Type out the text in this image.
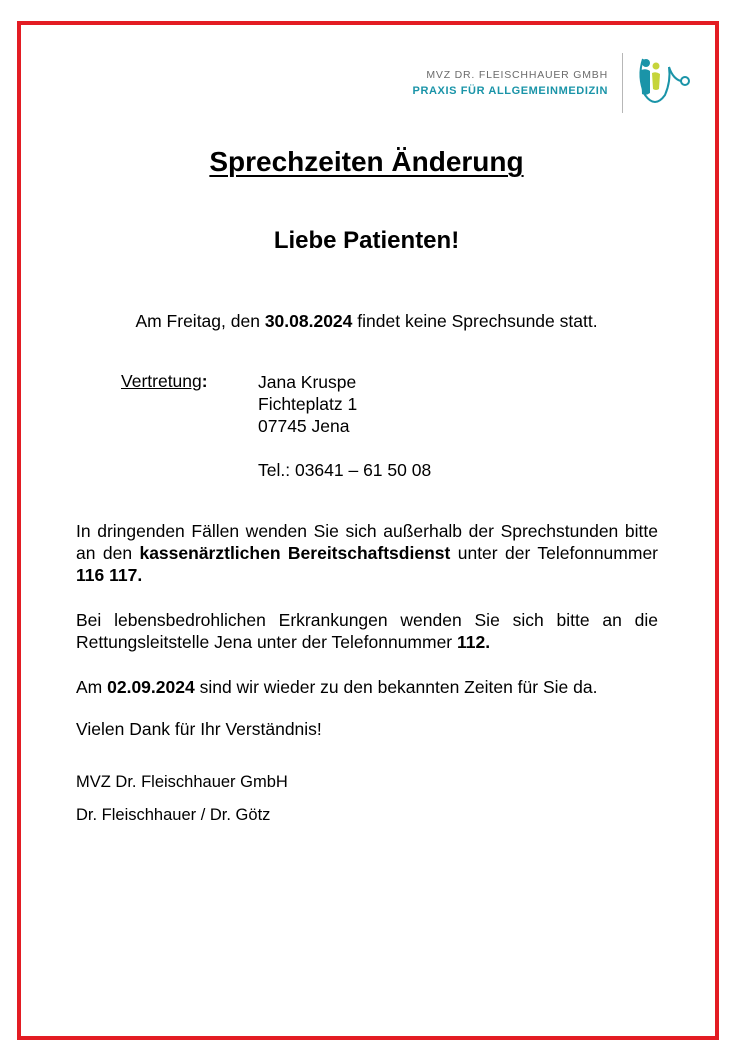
MVZ DR. FLEISCHHAUER GMBH
PRAXIS FÜR ALLGEMEINMEDIZIN
Sprechzeiten Änderung
Liebe Patienten!
Am Freitag, den 30.08.2024 findet keine Sprechsunde statt.
Vertretung:	Jana Kruspe
Fichteplatz 1
07745 Jena
Tel.: 03641 – 61 50 08
In dringenden Fällen wenden Sie sich außerhalb der Sprechstunden bitte an den kassenärztlichen Bereitschaftsdienst unter der Telefonnummer 116 117.
Bei lebensbedrohlichen Erkrankungen wenden Sie sich bitte an die Rettungsleitstelle Jena unter der Telefonnummer 112.
Am 02.09.2024 sind wir wieder zu den bekannten Zeiten für Sie da.
Vielen Dank für Ihr Verständnis!
MVZ Dr. Fleischhauer GmbH
Dr. Fleischhauer / Dr. Götz
